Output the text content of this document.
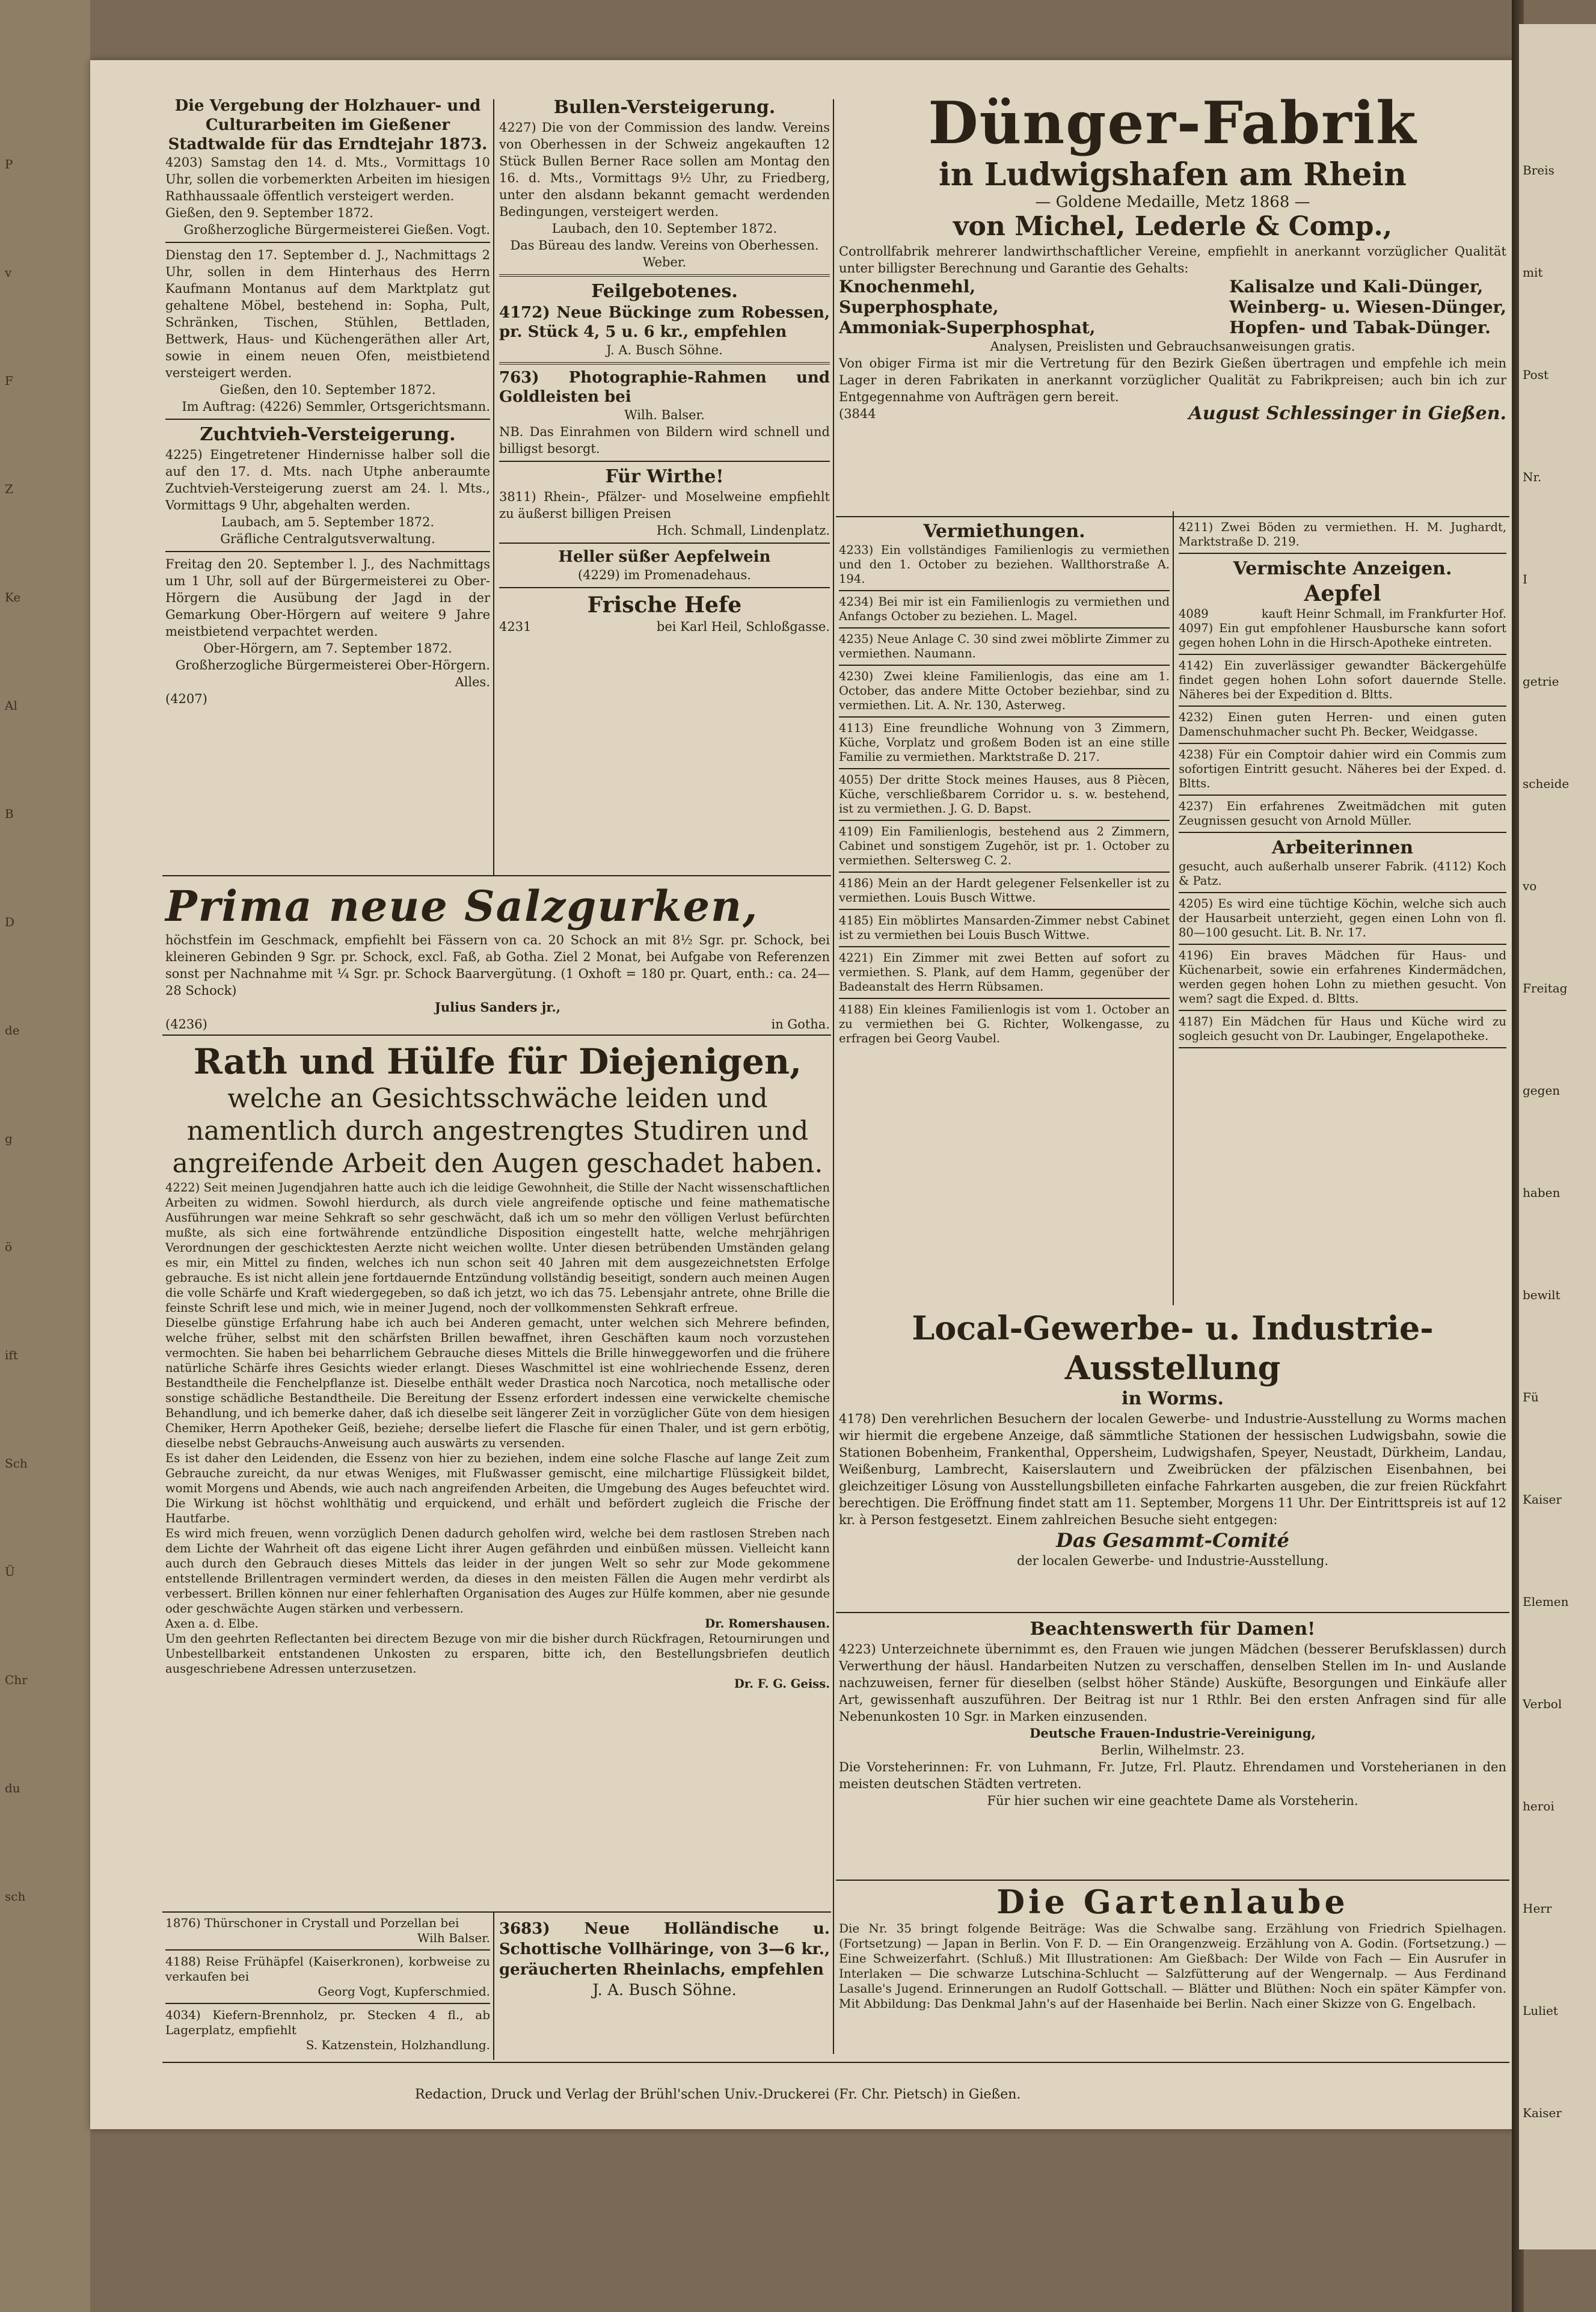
P
v
F
Z
Ke
Al
B
D
de
g
ö
ift
Sch
Ü
Chr
du
sch
Breis
mit
Post
Nr.
I
getrie
scheide
vo
Freitag
gegen
haben
bewilt
Fü
Kaiser
Elemen
Verbol
heroi
Herr
Luliet
Kaiser
Die Vergebung der Holzhauer- und Culturarbeiten im Gießener Stadtwalde für das Erndtejahr 1873.
4203) Samstag den 14. d. Mts., Vormittags 10 Uhr, sollen die vorbemerkten Arbeiten im hiesigen Rathhaussaale öffentlich versteigert werden.
Gießen, den 9. September 1872.
Großherzogliche Bürgermeisterei Gießen. Vogt.
Dienstag den 17. September d. J., Nachmittags 2 Uhr, sollen in dem Hinterhaus des Herrn Kaufmann Montanus auf dem Marktplatz gut gehaltene Möbel, bestehend in: Sopha, Pult, Schränken, Tischen, Stühlen, Bettladen, Bettwerk, Haus- und Küchengeräthen aller Art, sowie in einem neuen Ofen, meistbietend versteigert werden.
Gießen, den 10. September 1872.
Im Auftrag: (4226) Semmler, Ortsgerichtsmann.
Zuchtvieh-Versteigerung.
4225) Eingetretener Hindernisse halber soll die auf den 17. d. Mts. nach Utphe anberaumte Zuchtvieh-Versteigerung zuerst am 24. l. Mts., Vormittags 9 Uhr, abgehalten werden.
Laubach, am 5. September 1872.
Gräfliche Centralgutsverwaltung.
Freitag den 20. September l. J., des Nachmittags um 1 Uhr, soll auf der Bürgermeisterei zu Ober-Hörgern die Ausübung der Jagd in der Gemarkung Ober-Hörgern auf weitere 9 Jahre meistbietend verpachtet werden.
Ober-Hörgern, am 7. September 1872.
Großherzogliche Bürgermeisterei Ober-Hörgern. Alles.
(4207)
Bullen-Versteigerung.
4227) Die von der Commission des landw. Vereins von Oberhessen in der Schweiz angekauften 12 Stück Bullen Berner Race sollen am Montag den 16. d. Mts., Vormittags 9½ Uhr, zu Friedberg, unter den alsdann bekannt gemacht werdenden Bedingungen, versteigert werden.
Laubach, den 10. September 1872.
Das Büreau des landw. Vereins von Oberhessen. Weber.
Feilgebotenes.
4172) Neue Bückinge zum Robessen, pr. Stück 4, 5 u. 6 kr., empfehlen
J. A. Busch Söhne.
763) Photographie-Rahmen und Goldleisten bei
Wilh. Balser.
NB. Das Einrahmen von Bildern wird schnell und billigst besorgt.
Für Wirthe!
3811) Rhein-, Pfälzer- und Moselweine empfiehlt zu äußerst billigen Preisen
Hch. Schmall, Lindenplatz.
Heller süßer Aepfelwein
(4229) im Promenadehaus.
Frische Hefe
4231	bei Karl Heil, Schloßgasse.
Prima neue Salzgurken,
höchstfein im Geschmack, empfiehlt bei Fässern von ca. 20 Schock an mit 8½ Sgr. pr. Schock, bei kleineren Gebinden 9 Sgr. pr. Schock, excl. Faß, ab Gotha. Ziel 2 Monat, bei Aufgabe von Referenzen sonst per Nachnahme mit ¼ Sgr. pr. Schock Baarvergütung. (1 Oxhoft = 180 pr. Quart, enth.: ca. 24—28 Schock)
Julius Sanders jr.,
(4236)	in Gotha.
Rath und Hülfe für Diejenigen,
welche an Gesichtsschwäche leiden und namentlich durch angestrengtes Studiren und angreifende Arbeit den Augen geschadet haben.
4222) Seit meinen Jugendjahren hatte auch ich die leidige Gewohnheit, die Stille der Nacht wissenschaftlichen Arbeiten zu widmen. Sowohl hierdurch, als durch viele angreifende optische und feine mathematische Ausführungen war meine Sehkraft so sehr geschwächt, daß ich um so mehr den völligen Verlust befürchten mußte, als sich eine fortwährende entzündliche Disposition eingestellt hatte, welche mehrjährigen Verordnungen der geschicktesten Aerzte nicht weichen wollte. Unter diesen betrübenden Umständen gelang es mir, ein Mittel zu finden, welches ich nun schon seit 40 Jahren mit dem ausgezeichnetsten Erfolge gebrauche. Es ist nicht allein jene fortdauernde Entzündung vollständig beseitigt, sondern auch meinen Augen die volle Schärfe und Kraft wiedergegeben, so daß ich jetzt, wo ich das 75. Lebensjahr antrete, ohne Brille die feinste Schrift lese und mich, wie in meiner Jugend, noch der vollkommensten Sehkraft erfreue.
Dieselbe günstige Erfahrung habe ich auch bei Anderen gemacht, unter welchen sich Mehrere befinden, welche früher, selbst mit den schärfsten Brillen bewaffnet, ihren Geschäften kaum noch vorzustehen vermochten. Sie haben bei beharrlichem Gebrauche dieses Mittels die Brille hinweggeworfen und die frühere natürliche Schärfe ihres Gesichts wieder erlangt. Dieses Waschmittel ist eine wohlriechende Essenz, deren Bestandtheile die Fenchelpflanze ist. Dieselbe enthält weder Drastica noch Narcotica, noch metallische oder sonstige schädliche Bestandtheile. Die Bereitung der Essenz erfordert indessen eine verwickelte chemische Behandlung, und ich bemerke daher, daß ich dieselbe seit längerer Zeit in vorzüglicher Güte von dem hiesigen Chemiker, Herrn Apotheker Geiß, beziehe; derselbe liefert die Flasche für einen Thaler, und ist gern erbötig, dieselbe nebst Gebrauchs-Anweisung auch auswärts zu versenden.
Es ist daher den Leidenden, die Essenz von hier zu beziehen, indem eine solche Flasche auf lange Zeit zum Gebrauche zureicht, da nur etwas Weniges, mit Flußwasser gemischt, eine milchartige Flüssigkeit bildet, womit Morgens und Abends, wie auch nach angreifenden Arbeiten, die Umgebung des Auges befeuchtet wird. Die Wirkung ist höchst wohlthätig und erquickend, und erhält und befördert zugleich die Frische der Hautfarbe.
Es wird mich freuen, wenn vorzüglich Denen dadurch geholfen wird, welche bei dem rastlosen Streben nach dem Lichte der Wahrheit oft das eigene Licht ihrer Augen gefährden und einbüßen müssen. Vielleicht kann auch durch den Gebrauch dieses Mittels das leider in der jungen Welt so sehr zur Mode gekommene entstellende Brillentragen vermindert werden, da dieses in den meisten Fällen die Augen mehr verdirbt als verbessert. Brillen können nur einer fehlerhaften Organisation des Auges zur Hülfe kommen, aber nie gesunde oder geschwächte Augen stärken und verbessern.
Axen a. d. Elbe.	Dr. Romershausen.
Um den geehrten Reflectanten bei directem Bezuge von mir die bisher durch Rückfragen, Retournirungen und Unbestellbarkeit entstandenen Unkosten zu ersparen, bitte ich, den Bestellungsbriefen deutlich ausgeschriebene Adressen unterzusetzen.
Dr. F. G. Geiss.
1876) Thürschoner in Crystall und Porzellan bei
Wilh Balser.
4188) Reise Frühäpfel (Kaiserkronen), korbweise zu verkaufen bei
Georg Vogt, Kupferschmied.
4034) Kiefern-Brennholz, pr. Stecken 4 fl., ab Lagerplatz, empfiehlt
S. Katzenstein, Holzhandlung.
3683) Neue Holländische u. Schottische Vollhäringe, von 3—6 kr., geräucherten Rheinlachs, empfehlen
J. A. Busch Söhne.
Dünger-Fabrik
in Ludwigshafen am Rhein
— Goldene Medaille, Metz 1868 —
von Michel, Lederle & Comp.,
Controllfabrik mehrerer landwirthschaftlicher Vereine, empfiehlt in anerkannt vorzüglicher Qualität unter billigster Berechnung und Garantie des Gehalts:
Knochenmehl,
Superphosphate,
Ammoniak-Superphosphat,
Kalisalze und Kali-Dünger,
Weinberg- u. Wiesen-Dünger,
Hopfen- und Tabak-Dünger.
Analysen, Preislisten und Gebrauchsanweisungen gratis.
Von obiger Firma ist mir die Vertretung für den Bezirk Gießen übertragen und empfehle ich mein Lager in deren Fabrikaten in anerkannt vorzüglicher Qualität zu Fabrikpreisen; auch bin ich zur Entgegennahme von Aufträgen gern bereit.
(3844	August Schlessinger in Gießen.
Vermiethungen.
4233) Ein vollständiges Familienlogis zu vermiethen und den 1. October zu beziehen. Wallthorstraße A. 194.
4234) Bei mir ist ein Familienlogis zu vermiethen und Anfangs October zu beziehen. L. Magel.
4235) Neue Anlage C. 30 sind zwei möblirte Zimmer zu vermiethen. Naumann.
4230) Zwei kleine Familienlogis, das eine am 1. October, das andere Mitte October beziehbar, sind zu vermiethen. Lit. A. Nr. 130, Asterweg.
4113) Eine freundliche Wohnung von 3 Zimmern, Küche, Vorplatz und großem Boden ist an eine stille Familie zu vermiethen. Marktstraße D. 217.
4055) Der dritte Stock meines Hauses, aus 8 Piècen, Küche, verschließbarem Corridor u. s. w. bestehend, ist zu vermiethen. J. G. D. Bapst.
4109) Ein Familienlogis, bestehend aus 2 Zimmern, Cabinet und sonstigem Zugehör, ist pr. 1. October zu vermiethen. Seltersweg C. 2.
4186) Mein an der Hardt gelegener Felsenkeller ist zu vermiethen. Louis Busch Wittwe.
4185) Ein möblirtes Mansarden-Zimmer nebst Cabinet ist zu vermiethen bei Louis Busch Wittwe.
4221) Ein Zimmer mit zwei Betten auf sofort zu vermiethen. S. Plank, auf dem Hamm, gegenüber der Badeanstalt des Herrn Rübsamen.
4188) Ein kleines Familienlogis ist vom 1. October an zu vermiethen bei G. Richter, Wolkengasse, zu erfragen bei Georg Vaubel.
4211) Zwei Böden zu vermiethen. H. M. Jughardt, Marktstraße D. 219.
Vermischte Anzeigen.
Aepfel
4089	kauft Heinr Schmall, im Frankfurter Hof.
4097) Ein gut empfohlener Hausbursche kann sofort gegen hohen Lohn in die Hirsch-Apotheke eintreten.
4142) Ein zuverlässiger gewandter Bäckergehülfe findet gegen hohen Lohn sofort dauernde Stelle. Näheres bei der Expedition d. Bltts.
4232) Einen guten Herren- und einen guten Damenschuhmacher sucht Ph. Becker, Weidgasse.
4238) Für ein Comptoir dahier wird ein Commis zum sofortigen Eintritt gesucht. Näheres bei der Exped. d. Bltts.
4237) Ein erfahrenes Zweitmädchen mit guten Zeugnissen gesucht von Arnold Müller.
Arbeiterinnen
gesucht, auch außerhalb unserer Fabrik. (4112) Koch & Patz.
4205) Es wird eine tüchtige Köchin, welche sich auch der Hausarbeit unterzieht, gegen einen Lohn von fl. 80—100 gesucht. Lit. B. Nr. 17.
4196) Ein braves Mädchen für Haus- und Küchenarbeit, sowie ein erfahrenes Kindermädchen, werden gegen hohen Lohn zu miethen gesucht. Von wem? sagt die Exped. d. Bltts.
4187) Ein Mädchen für Haus und Küche wird zu sogleich gesucht von Dr. Laubinger, Engelapotheke.
Local-Gewerbe- u. Industrie-Ausstellung
in Worms.
4178) Den verehrlichen Besuchern der localen Gewerbe- und Industrie-Ausstellung zu Worms machen wir hiermit die ergebene Anzeige, daß sämmtliche Stationen der hessischen Ludwigsbahn, sowie die Stationen Bobenheim, Frankenthal, Oppersheim, Ludwigshafen, Speyer, Neustadt, Dürkheim, Landau, Weißenburg, Lambrecht, Kaiserslautern und Zweibrücken der pfälzischen Eisenbahnen, bei gleichzeitiger Lösung von Ausstellungsbilleten einfache Fahrkarten ausgeben, die zur freien Rückfahrt berechtigen. Die Eröffnung findet statt am 11. September, Morgens 11 Uhr. Der Eintrittspreis ist auf 12 kr. à Person festgesetzt. Einem zahlreichen Besuche sieht entgegen:
Das Gesammt-Comité
der localen Gewerbe- und Industrie-Ausstellung.
Beachtenswerth für Damen!
4223) Unterzeichnete übernimmt es, den Frauen wie jungen Mädchen (besserer Berufsklassen) durch Verwerthung der häusl. Handarbeiten Nutzen zu verschaffen, denselben Stellen im In- und Auslande nachzuweisen, ferner für dieselben (selbst höher Stände) Ausküfte, Besorgungen und Einkäufe aller Art, gewissenhaft auszuführen. Der Beitrag ist nur 1 Rthlr. Bei den ersten Anfragen sind für alle Nebenunkosten 10 Sgr. in Marken einzusenden.
Deutsche Frauen-Industrie-Vereinigung,
Berlin, Wilhelmstr. 23.
Die Vorsteherinnen: Fr. von Luhmann, Fr. Jutze, Frl. Plautz. Ehrendamen und Vorsteherianen in den meisten deutschen Städten vertreten.
Für hier suchen wir eine geachtete Dame als Vorsteherin.
Die Gartenlaube
Die Nr. 35 bringt folgende Beiträge: Was die Schwalbe sang. Erzählung von Friedrich Spielhagen. (Fortsetzung) — Japan in Berlin. Von F. D. — Ein Orangenzweig. Erzählung von A. Godin. (Fortsetzung.) — Eine Schweizerfahrt. (Schluß.) Mit Illustrationen: Am Gießbach: Der Wilde von Fach — Ein Ausrufer in Interlaken — Die schwarze Lutschina-Schlucht — Salzfütterung auf der Wengernalp. — Aus Ferdinand Lasalle's Jugend. Erinnerungen an Rudolf Gottschall. — Blätter und Blüthen: Noch ein später Kämpfer von. Mit Abbildung: Das Denkmal Jahn's auf der Hasenhaide bei Berlin. Nach einer Skizze von G. Engelbach.
Redaction, Druck und Verlag der Brühl'schen Univ.-Druckerei (Fr. Chr. Pietsch) in Gießen.
